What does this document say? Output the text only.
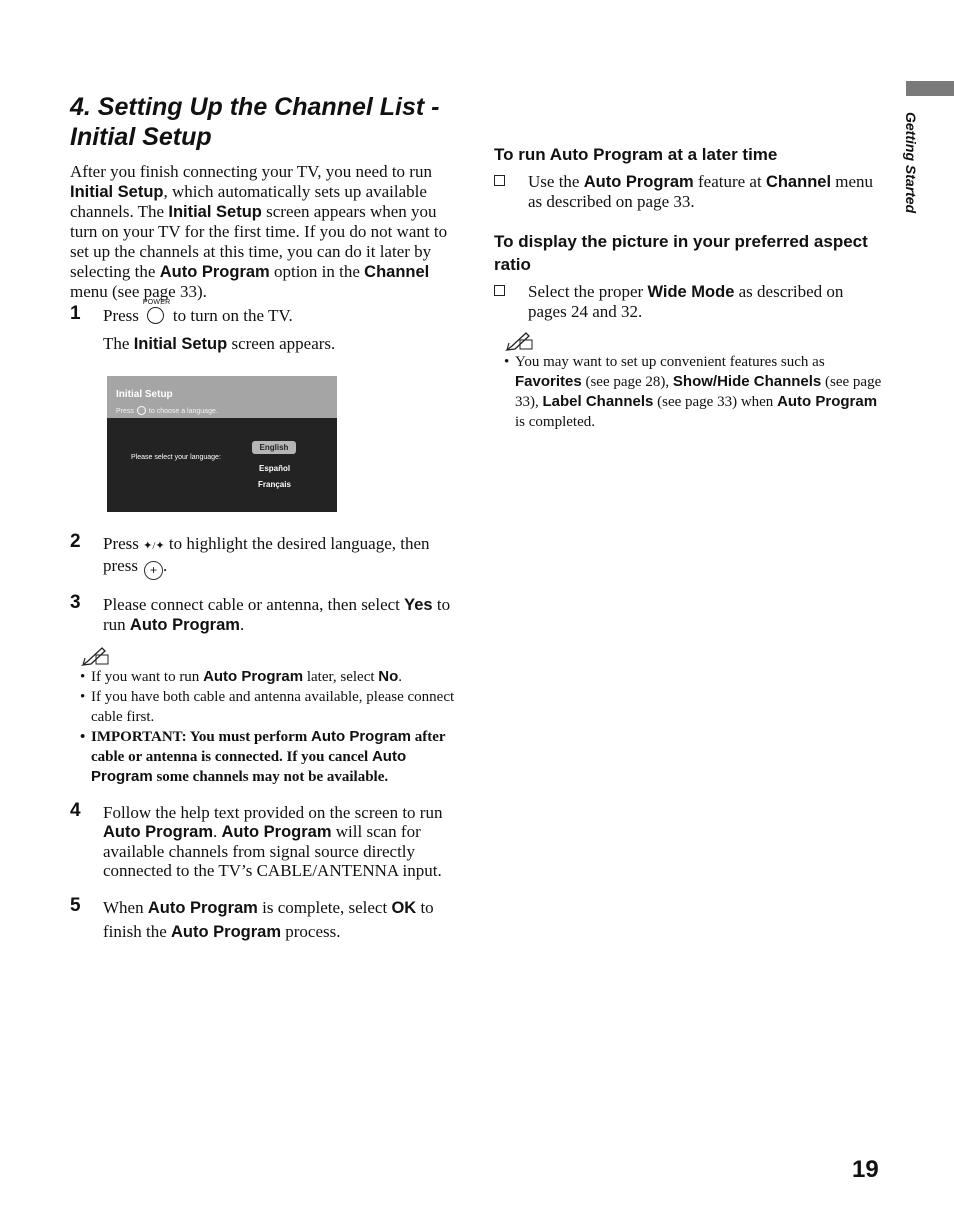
Getting Started
4. Setting Up the Channel List - Initial Setup

After you finish connecting your TV, you need to run Initial Setup, which automatically sets up available channels. The Initial Setup screen appears when you turn on your TV for the first time. If you do not want to set up the channels at this time, you can do it later by selecting the Auto Program option in the Channel menu (see page 33).

1 Press
POWER
to turn on the TV.

The Initial Setup screen appears.

Initial Setup
Press to choose a language.
Please select your language:
English
Español
Français
2 Press ✦/✦ to highlight the desired language, then press + .

3 Please connect cable or antenna, then select Yes to run Auto Program.

• If you want to run Auto Program later, select No.
• If you have both cable and antenna available, please connect cable first.
• IMPORTANT: You must perform Auto Program after cable or antenna is connected. If you cancel Auto Program some channels may not be available.
4 Follow the help text provided on the screen to run Auto Program. Auto Program will scan for available channels from signal source directly connected to the TV’s CABLE/ANTENNA input.

5 When Auto Program is complete, select OK to finish the Auto Program process.

To run Auto Program at a later time
Use the Auto Program feature at Channel menu as described on page 33.
To display the picture in your preferred aspect ratio
Select the proper Wide Mode as described on pages 24 and 32.
• You may want to set up convenient features such as Favorites (see page 28), Show/Hide Channels (see page 33), Label Channels (see page 33) when Auto Program is completed.
19
